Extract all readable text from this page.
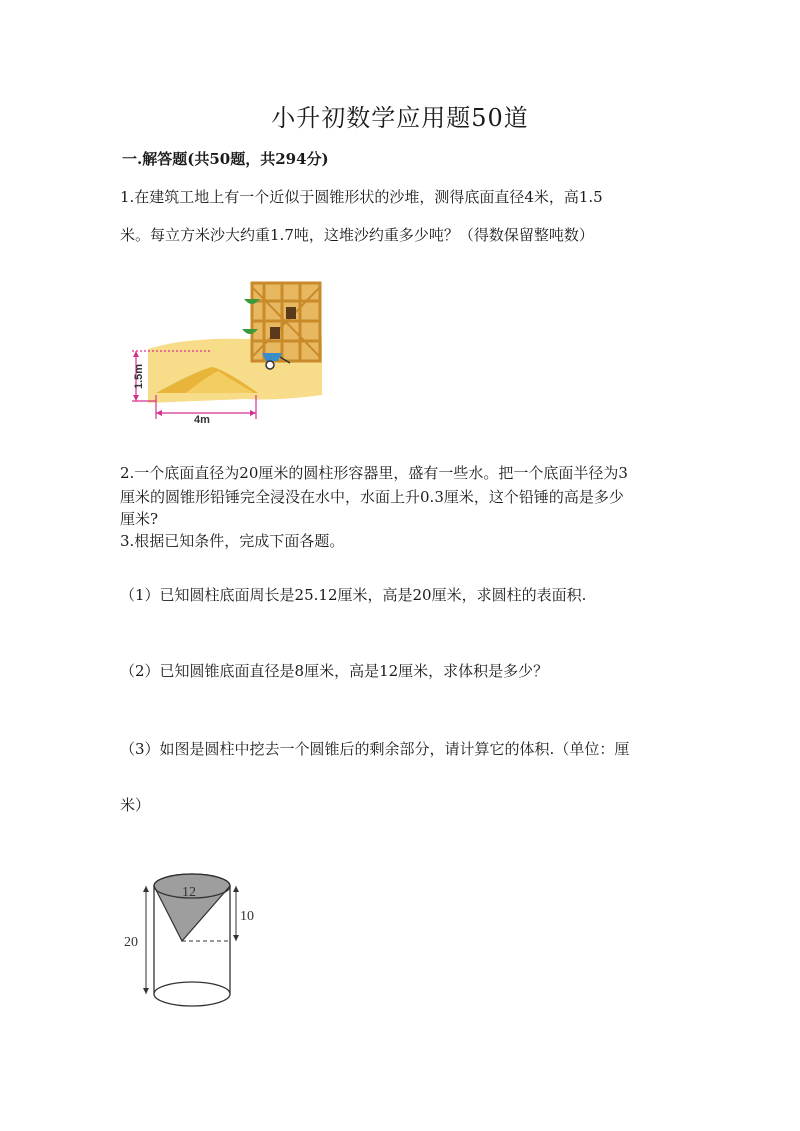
小升初数学应用题50道
一.解答题(共50题，共294分)
1.在建筑工地上有一个近似于圆锥形状的沙堆，测得底面直径4米，高1.5
米。每立方米沙大约重1.7吨，这堆沙约重多少吨？（得数保留整吨数）
1.5m
4m
2.一个底面直径为20厘米的圆柱形容器里，盛有一些水。把一个底面半径为3
厘米的圆锥形铅锤完全浸没在水中，水面上升0.3厘米，这个铅锤的高是多少
厘米?
3.根据已知条件，完成下面各题。
（1）已知圆柱底面周长是25.12厘米，高是20厘米，求圆柱的表面积.
（2）已知圆锥底面直径是8厘米，高是12厘米，求体积是多少？
（3）如图是圆柱中挖去一个圆锥后的剩余部分，请计算它的体积.（单位：厘
米）
12
10
20
